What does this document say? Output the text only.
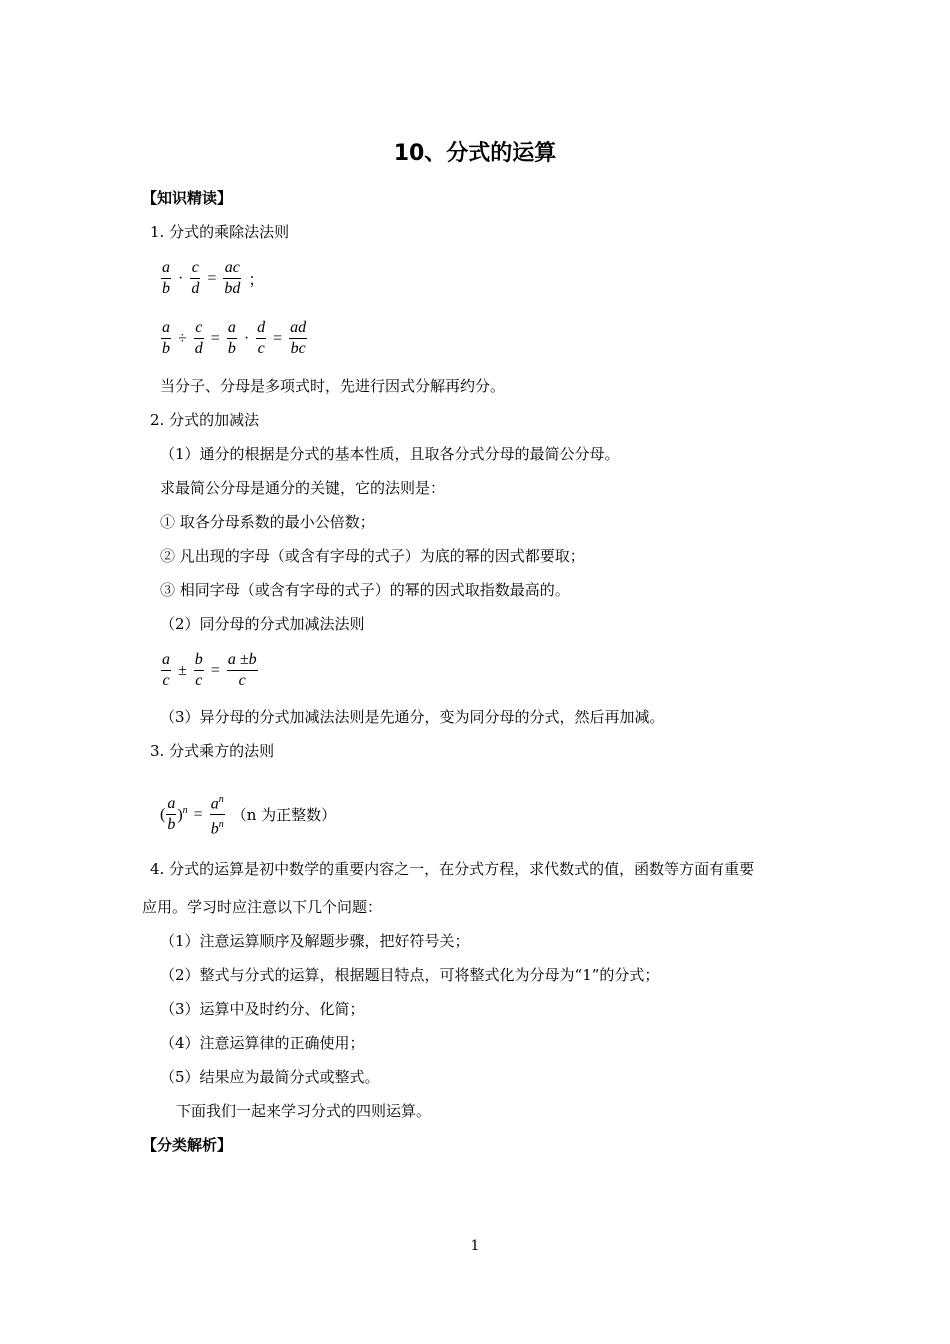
10、分式的运算
【知识精读】
1. 分式的乘除法法则
$\frac{a}{b} \cdot \frac{c}{d} = \frac{ac}{bd}$ ；
$\frac{a}{b} \div \frac{c}{d} = \frac{a}{b} \cdot \frac{d}{c} = \frac{ad}{bc}$
当分子、分母是多项式时，先进行因式分解再约分。
2. 分式的加减法
（1）通分的根据是分式的基本性质，且取各分式分母的最简公分母。
求最简公分母是通分的关键，它的法则是：
① 取各分母系数的最小公倍数；
② 凡出现的字母（或含有字母的式子）为底的幂的因式都要取；
③ 相同字母（或含有字母的式子）的幂的因式取指数最高的。
（2）同分母的分式加减法法则
$\frac{a}{c} \pm \frac{b}{c} = \frac{a \pm b}{c}$
（3）异分母的分式加减法法则是先通分，变为同分母的分式，然后再加减。
3. 分式乘方的法则
( $\frac{a}{b} )^n = \frac{a^n}{b^n} (n$ 为正整数）
4. 分式的运算是初中数学的重要内容之一，在分式方程，求代数式的值，函数等方面有重要
应用。学习时应注意以下几个问题：
（1）注意运算顺序及解题步骤，把好符号关；
（2）整式与分式的运算，根据题目特点，可将整式化为分母为“1”的分式；
（3）运算中及时约分、化简；
（4）注意运算律的正确使用；
（5）结果应为最简分式或整式。
下面我们一起来学习分式的四则运算。
【分类解析】
1
